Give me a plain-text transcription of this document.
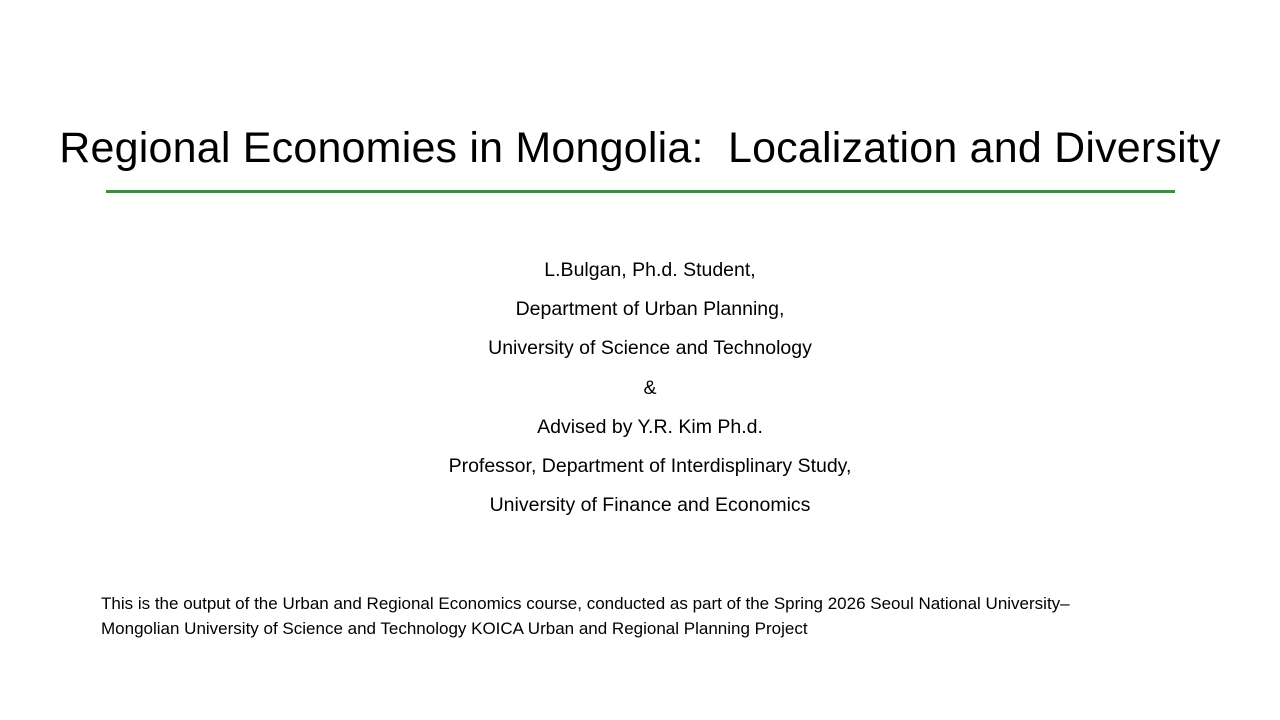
Regional Economies in Mongolia:  Localization and Diversity
L.Bulgan, Ph.d. Student,
Department of Urban Planning,
University of Science and Technology
&
Advised by Y.R. Kim Ph.d.
Professor, Department of Interdisplinary Study,
University of Finance and Economics
This is the output of the Urban and Regional Economics course, conducted as part of the Spring 2026 Seoul National University–
Mongolian University of Science and Technology KOICA Urban and Regional Planning Project
